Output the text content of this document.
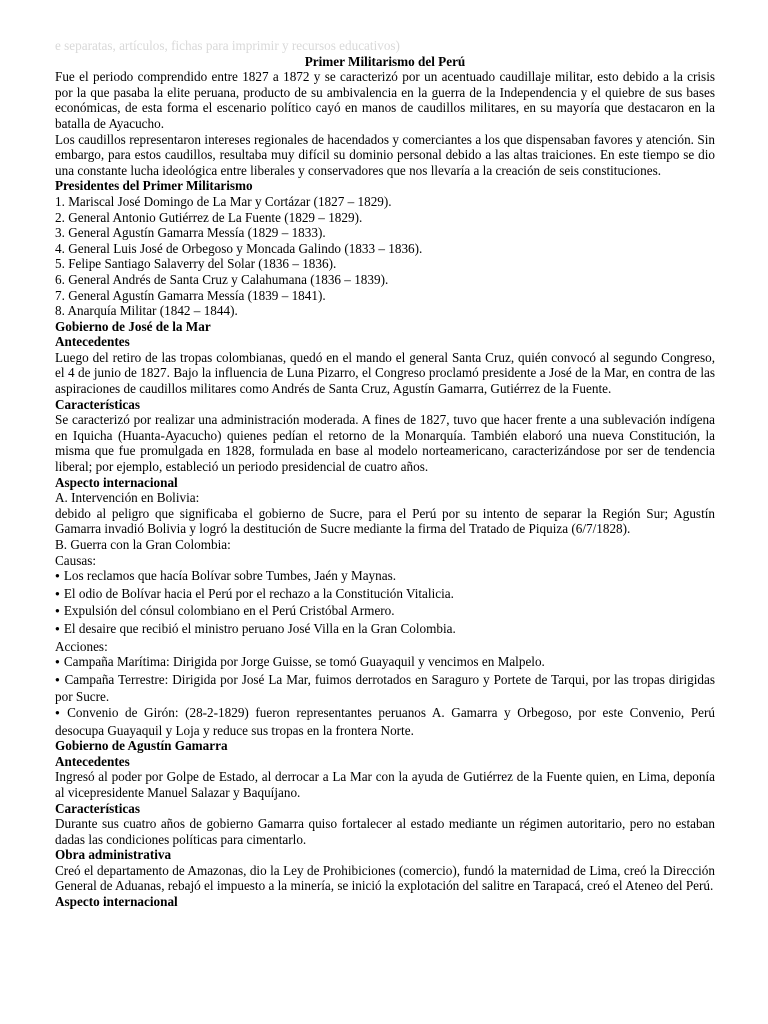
e separatas, artículos, fichas para imprimir y recursos educativos)
Primer Militarismo del Perú

Fue el periodo comprendido entre 1827 a 1872 y se caracterizó por un acentuado caudillaje militar, esto debido a la crisis por la que pasaba la elite peruana, producto de su ambivalencia en la guerra de la Independencia y el quiebre de sus bases económicas, de esta forma el escenario político cayó en manos de caudillos militares, en su mayoría que destacaron en la batalla de Ayacucho.

Los caudillos representaron intereses regionales de hacendados y comerciantes a los que dispensaban favores y atención. Sin embargo, para estos caudillos, resultaba muy difícil su dominio personal debido a las altas traiciones. En este tiempo se dio una constante lucha ideológica entre liberales y conservadores que nos llevaría a la creación de seis constituciones.

Presidentes del Primer Militarismo
1. Mariscal José Domingo de La Mar y Cortázar (1827 – 1829).
2. General Antonio Gutiérrez de La Fuente (1829 – 1829).
3. General Agustín Gamarra Messía (1829 – 1833).
4. General Luis José de Orbegoso y Moncada Galindo (1833 – 1836).
5. Felipe Santiago Salaverry del Solar (1836 – 1836).
6. General Andrés de Santa Cruz y Calahumana (1836 – 1839).
7. General Agustín Gamarra Messía (1839 – 1841).
8. Anarquía Militar (1842 – 1844).
Gobierno de José de la Mar
Antecedentes

Luego del retiro de las tropas colombianas, quedó en el mando el general Santa Cruz, quién convocó al segundo Congreso, el 4 de junio de 1827. Bajo la influencia de Luna Pizarro, el Congreso proclamó presidente a José de la Mar, en contra de las aspiraciones de caudillos militares como Andrés de Santa Cruz, Agustín Gamarra, Gutiérrez de la Fuente.

Características

Se caracterizó por realizar una administración moderada. A fines de 1827, tuvo que hacer frente a una sublevación indígena en Iquicha (Huanta-Ayacucho) quienes pedían el retorno de la Monarquía. También elaboró una nueva Constitución, la misma que fue promulgada en 1828, formulada en base al modelo norteamericano, caracterizándose por ser de tendencia liberal; por ejemplo, estableció un periodo presidencial de cuatro años.

Aspecto internacional
A. Intervención en Bolivia:

debido al peligro que significaba el gobierno de Sucre, para el Perú por su intento de separar la Región Sur; Agustín Gamarra invadió Bolivia y logró la destitución de Sucre mediante la firma del Tratado de Piquiza (6/7/1828).

B. Guerra con la Gran Colombia:
Causas:
● Los reclamos que hacía Bolívar sobre Tumbes, Jaén y Maynas.
● El odio de Bolívar hacia el Perú por el rechazo a la Constitución Vitalicia.
● Expulsión del cónsul colombiano en el Perú Cristóbal Armero.
● El desaire que recibió el ministro peruano José Villa en la Gran Colombia.
Acciones:
● Campaña Marítima: Dirigida por Jorge Guisse, se tomó Guayaquil y vencimos en Malpelo.

● Campaña Terrestre: Dirigida por José La Mar, fuimos derrotados en Saraguro y Portete de Tarqui, por las tropas dirigidas por Sucre.

● Convenio de Girón: (28-2-1829) fueron representantes peruanos A. Gamarra y Orbegoso, por este Convenio, Perú desocupa Guayaquil y Loja y reduce sus tropas en la frontera Norte.

Gobierno de Agustín Gamarra
Antecedentes

Ingresó al poder por Golpe de Estado, al derrocar a La Mar con la ayuda de Gutiérrez de la Fuente quien, en Lima, deponía al vicepresidente Manuel Salazar y Baquíjano.

Características

Durante sus cuatro años de gobierno Gamarra quiso fortalecer al estado mediante un régimen autoritario, pero no estaban dadas las condiciones políticas para cimentarlo.

Obra administrativa

Creó el departamento de Amazonas, dio la Ley de Prohibiciones (comercio), fundó la maternidad de Lima, creó la Dirección General de Aduanas, rebajó el impuesto a la minería, se inició la explotación del salitre en Tarapacá, creó el Ateneo del Perú.

Aspecto internacional
